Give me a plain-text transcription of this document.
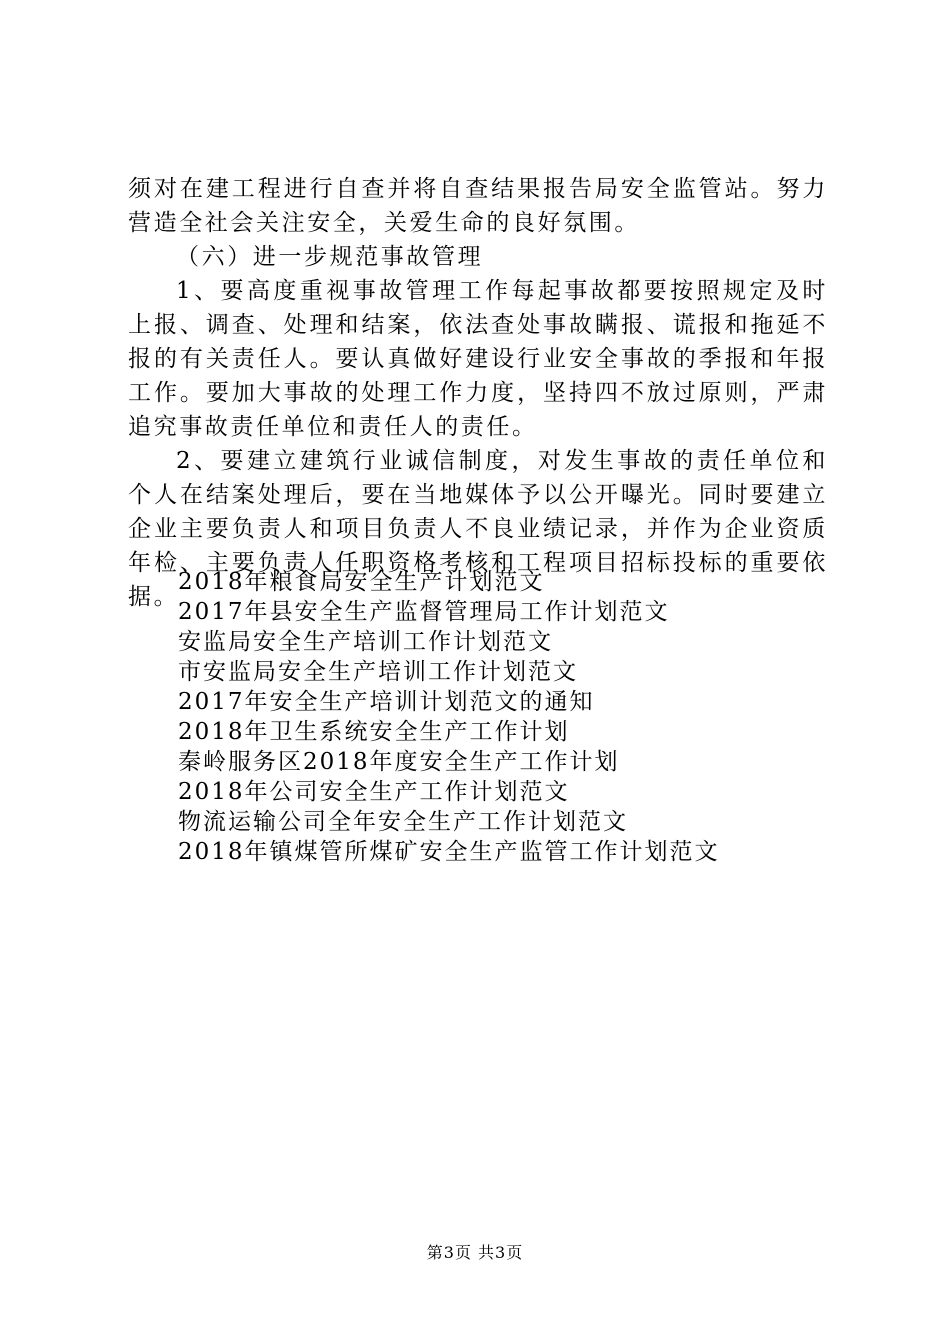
须对在建工程进行自查并将自查结果报告局安全监管站。努力营造全社会关注安全，关爱生命的良好氛围。

（六）进一步规范事故管理

1、要高度重视事故管理工作每起事故都要按照规定及时上报、调查、处理和结案，依法查处事故瞒报、谎报和拖延不报的有关责任人。要认真做好建设行业安全事故的季报和年报工作。要加大事故的处理工作力度，坚持四不放过原则，严肃追究事故责任单位和责任人的责任。

2、要建立建筑行业诚信制度，对发生事故的责任单位和个人在结案处理后，要在当地媒体予以公开曝光。同时要建立企业主要负责人和项目负责人不良业绩记录，并作为企业资质年检、主要负责人任职资格考核和工程项目招标投标的重要依据。

2018年粮食局安全生产计划范文
2017年县安全生产监督管理局工作计划范文
安监局安全生产培训工作计划范文
市安监局安全生产培训工作计划范文
2017年安全生产培训计划范文的通知
2018年卫生系统安全生产工作计划
秦岭服务区2018年度安全生产工作计划
2018年公司安全生产工作计划范文
物流运输公司全年安全生产工作计划范文
2018年镇煤管所煤矿安全生产监管工作计划范文
第3页 共3页
